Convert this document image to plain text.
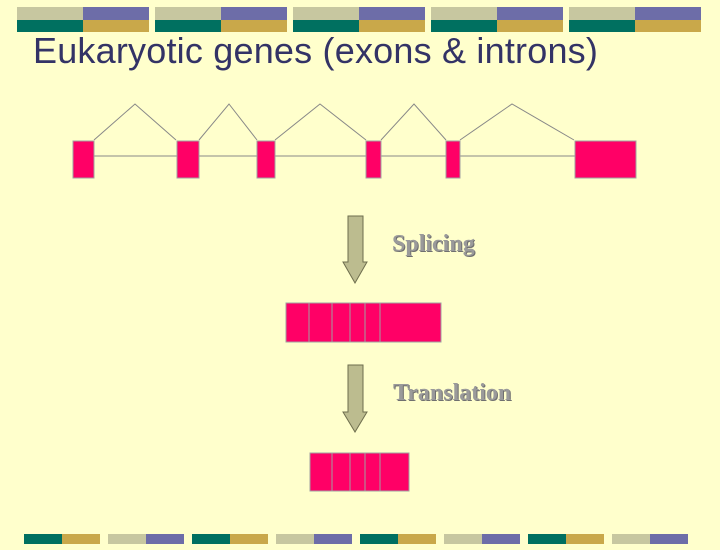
Eukaryotic genes (exons & introns)
Splicing
Translation
